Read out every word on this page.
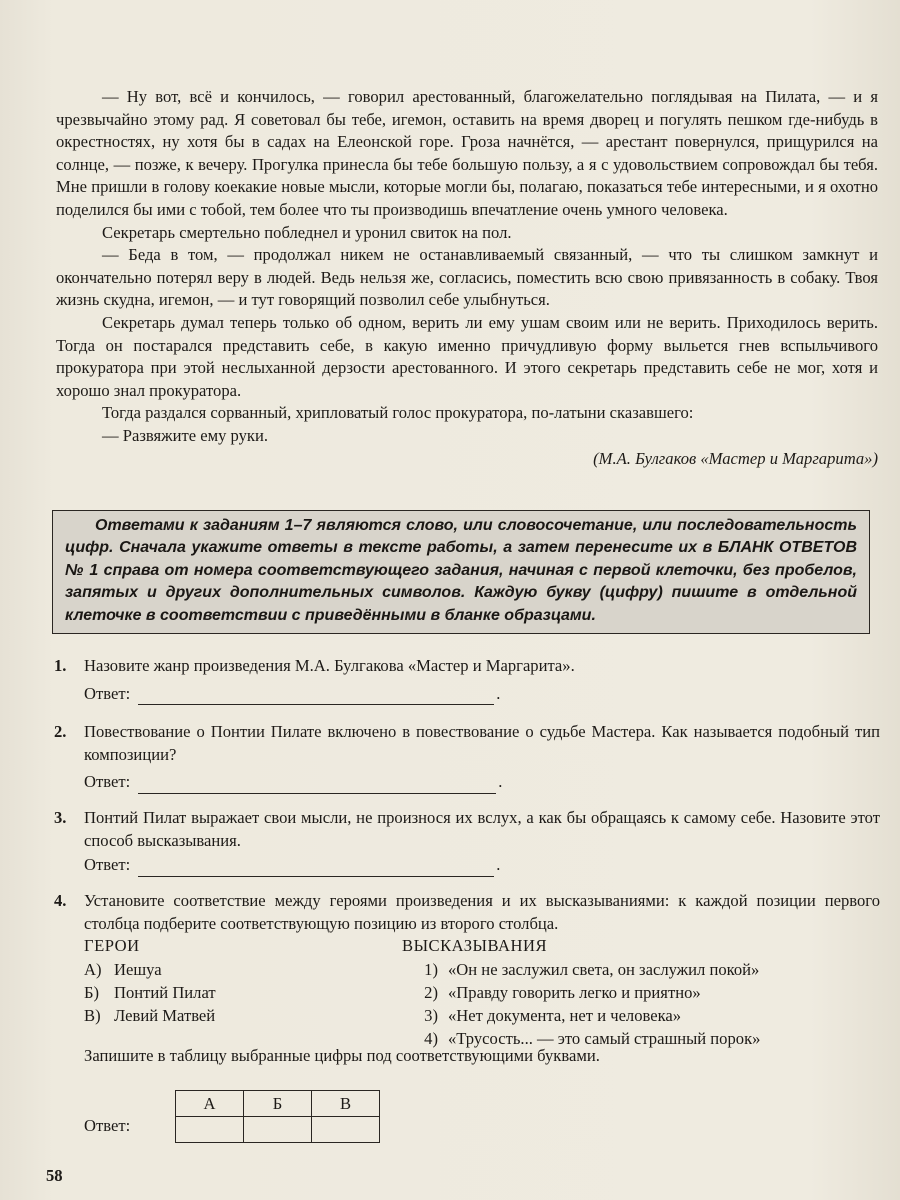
— Ну вот, всё и кончилось, — говорил арестованный, благожелательно поглядывая на Пилата, — и я чрезвычайно этому рад. Я советовал бы тебе, игемон, оставить на время дворец и погулять пешком где-нибудь в окрестностях, ну хотя бы в садах на Елеонской горе. Гроза начнётся, — арестант повернулся, прищурился на солнце, — позже, к вечеру. Прогулка принесла бы тебе большую пользу, а я с удовольствием сопровождал бы тебя. Мне пришли в голову коекакие новые мысли, которые могли бы, полагаю, показаться тебе интересными, и я охотно поделился бы ими с тобой, тем более что ты производишь впечатление очень умного человека.

Секретарь смертельно побледнел и уронил свиток на пол.

— Беда в том, — продолжал никем не останавливаемый связанный, — что ты слишком замкнут и окончательно потерял веру в людей. Ведь нельзя же, согласись, поместить всю свою привязанность в собаку. Твоя жизнь скудна, игемон, — и тут говорящий позволил себе улыбнуться.

Секретарь думал теперь только об одном, верить ли ему ушам своим или не верить. Приходилось верить. Тогда он постарался представить себе, в какую именно причудливую форму выльется гнев вспыльчивого прокуратора при этой неслыханной дерзости арестованного. И этого секретарь представить себе не мог, хотя и хорошо знал прокуратора.

Тогда раздался сорванный, хрипловатый голос прокуратора, по-латыни сказавшего:

— Развяжите ему руки.

(М.А. Булгаков «Мастер и Маргарита»)
Ответами к заданиям 1–7 являются слово, или словосочетание, или последовательность цифр. Сначала укажите ответы в тексте работы, а затем перенесите их в БЛАНК ОТВЕТОВ № 1 справа от номера соответствующего задания, начиная с первой клеточки, без пробелов, запятых и других дополнительных символов. Каждую букву (цифру) пишите в отдельной клеточке в соответствии с приведёнными в бланке образцами.
1. Назовите жанр произведения М.А. Булгакова «Мастер и Маргарита».
Ответ:	.
2. Повествование о Понтии Пилате включено в повествование о судьбе Мастера. Как называется подобный тип композиции?
Ответ:	.
3. Понтий Пилат выражает свои мысли, не произнося их вслух, а как бы обращаясь к самому себе. Назовите этот способ высказывания.
Ответ:	.
4. Установите соответствие между героями произведения и их высказываниями: к каждой позиции первого столбца подберите соответствующую позицию из второго столбца.
ГЕРОИ	ВЫСКАЗЫВАНИЯ
А) Иешуа
Б) Понтий Пилат
В) Левий Матвей
1) «Он не заслужил света, он заслужил покой»
2) «Правду говорить легко и приятно»
3) «Нет документа, нет и человека»
4) «Трусость... — это самый страшный порок»
Запишите в таблицу выбранные цифры под соответствующими буквами.
Ответ:
А	Б	В

58
